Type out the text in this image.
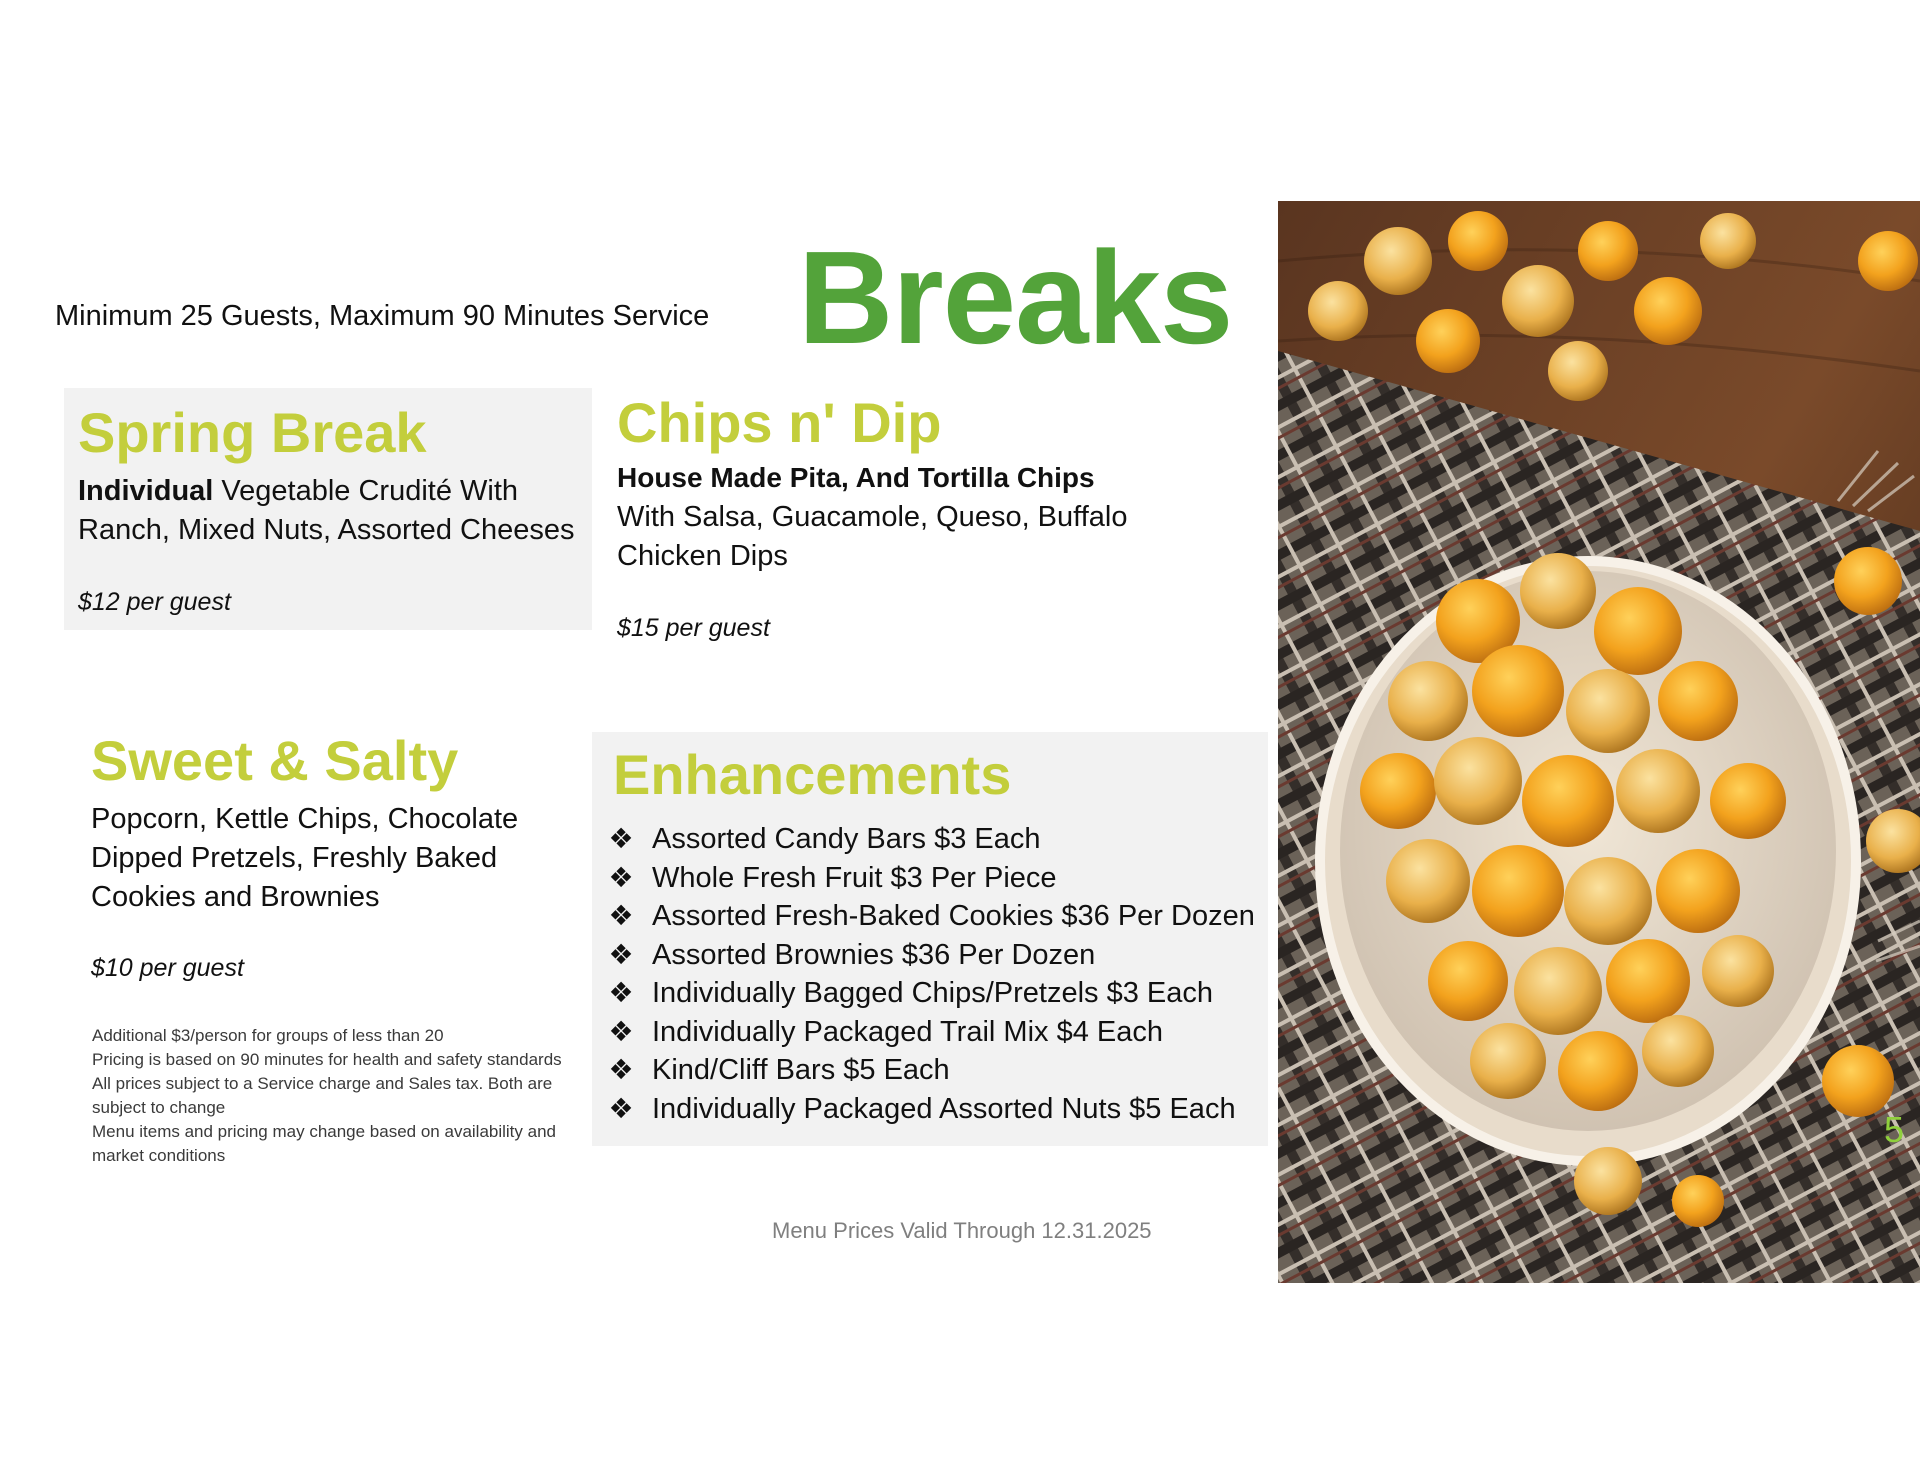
Minimum 25 Guests, Maximum 90 Minutes Service Breaks
Spring Break
Individual Vegetable Crudité With Ranch, Mixed Nuts, Assorted Cheeses
$12 per guest
Chips n' Dip
House Made Pita, And Tortilla Chips
With Salsa, Guacamole, Queso, Buffalo Chicken Dips
$15 per guest
Sweet & Salty
Popcorn, Kettle Chips, Chocolate Dipped Pretzels, Freshly Baked Cookies and Brownies
$10 per guest
Additional $3/person for groups of less than 20
Pricing is based on 90 minutes for health and safety standards
All prices subject to a Service charge and Sales tax. Both are subject to change
Menu items and pricing may change based on availability and market conditions
Enhancements
❖ Assorted Candy Bars $3 Each
❖ Whole Fresh Fruit $3 Per Piece
❖ Assorted Fresh-Baked Cookies $36 Per Dozen
❖ Assorted Brownies $36 Per Dozen
❖ Individually Bagged Chips/Pretzels $3 Each
❖ Individually Packaged Trail Mix $4 Each
❖ Kind/Cliff Bars $5 Each
❖ Individually Packaged Assorted Nuts $5 Each
Menu Prices Valid Through 12.31.2025
5
